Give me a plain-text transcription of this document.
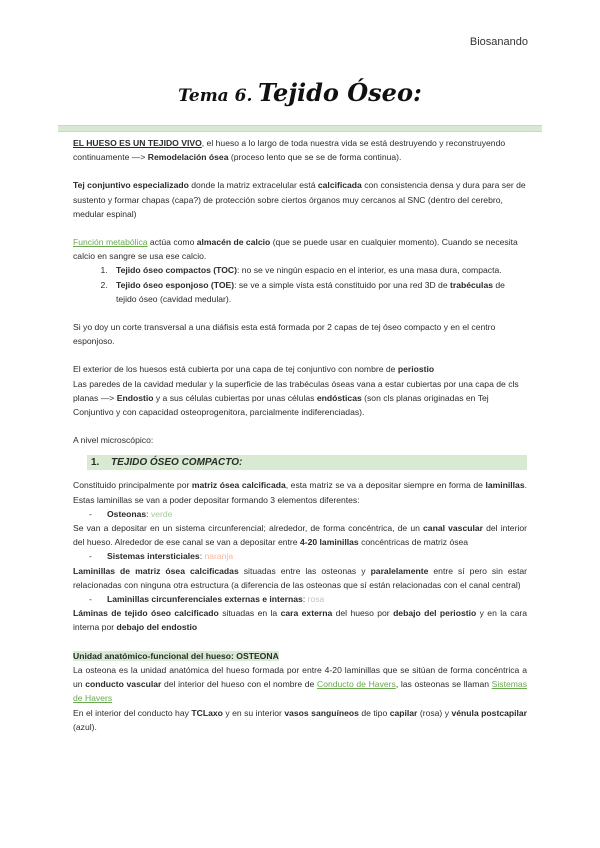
Biosanando
Tema 6. Tejido Óseo:

EL HUESO ES UN TEJIDO VIVO, el hueso a lo largo de toda nuestra vida se está destruyendo y reconstruyendo continuamente —> Remodelación ósea (proceso lento que se se de forma continua).

Tej conjuntivo especializado donde la matriz extracelular está calcificada con consistencia densa y dura para ser de sustento y formar chapas (capa?) de protección sobre ciertos órganos muy cercanos al SNC (dentro del cerebro, medular espinal)

Función metabólica actúa como almacén de calcio (que se puede usar en cualquier momento). Cuando se necesita calcio en sangre se usa ese calcio.

1. Tejido óseo compactos (TOC): no se ve ningún espacio en el interior, es una masa dura, compacta.
2. Tejido óseo esponjoso (TOE): se ve a simple vista está constituido por una red 3D de trabéculas de tejido óseo (cavidad medular).

Si yo doy un corte transversal a una diáfisis esta está formada por 2 capas de tej óseo compacto y en el centro esponjoso.

El exterior de los huesos está cubierta por una capa de tej conjuntivo con nombre de periostio
Las paredes de la cavidad medular y la superficie de las trabéculas óseas vana a estar cubiertas por una capa de cls planas —> Endostio y a sus células cubiertas por unas células endósticas (son cls planas originadas en Tej Conjuntivo y con capacidad osteoprogenitora, parcialmente indiferenciadas).

A nivel microscópico:

1. TEJIDO ÓSEO COMPACTO:

Constituido principalmente por matriz ósea calcificada, esta matriz se va a depositar siempre en forma de laminillas. Estas laminillas se van a poder depositar formando 3 elementos diferentes:

-	Osteonas: verde

Se van a depositar en un sistema circunferencial; alrededor, de forma concéntrica, de un canal vascular del interior del hueso. Alrededor de ese canal se van a depositar entre 4-20 laminillas concéntricas de matriz ósea

-	Sistemas intersticiales: naranja

Laminillas de matriz ósea calcificadas situadas entre las osteonas y paralelamente entre sí pero sin estar relacionadas con ninguna otra estructura (a diferencia de las osteonas que sí están relacionadas con el canal central)

-	Laminillas circunferenciales externas e internas: rosa

Láminas de tejido óseo calcificado situadas en la cara externa del hueso por debajo del periostio y en la cara interna por debajo del endostio

Unidad anatómico-funcional del hueso: OSTEONA

La osteona es la unidad anatómica del hueso formada por entre 4-20 laminillas que se sitúan de forma concéntrica a un conducto vascular del interior del hueso con el nombre de Conducto de Havers, las osteonas se llaman Sistemas de Havers
En el interior del conducto hay TCLaxo y en su interior vasos sanguíneos de tipo capilar (rosa) y vénula postcapilar (azul).
